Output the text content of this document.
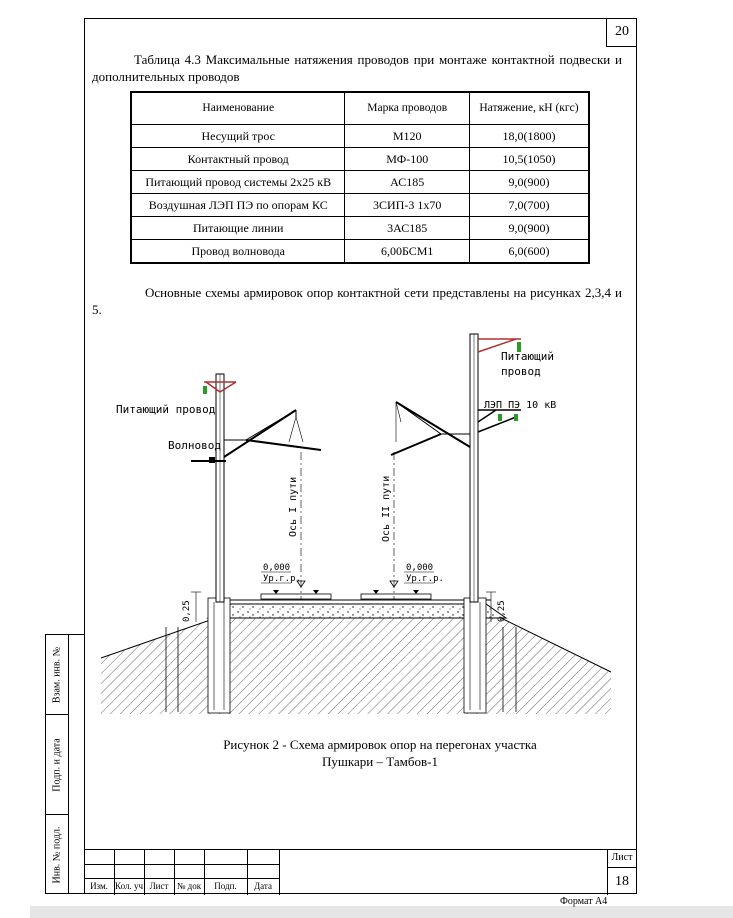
20
Взам. инв. №
Подп. и дата
Инв. № подл.
Таблица 4.3 Максимальные натяжения проводов при монтаже контактной подвески и дополнительных проводов
Наименование	Марка проводов	Натяжение, кН (кгс)
Несущий трос	М120	18,0(1800)
Контактный провод	МФ-100	10,5(1050)
Питающий провод системы 2х25 кВ	АС185	9,0(900)
Воздушная ЛЭП ПЭ по опорам КС	3СИП-3 1х70	7,0(700)
Питающие линии	3АС185	9,0(900)
Провод волновода	6,00БСМ1	6,0(600)
Основные схемы армировок опор контактной сети представлены на рисунках 2,3,4 и 5.
Питающий провод
Волновод
Питающий
провод
ЛЭП ПЭ 10 кВ
Ось I пути	Ось II пути
0,000
Ур.г.р.
0,000
Ур.г.р.
0,25	0,25
Рисунок 2 - Схема армировок опор на перегонах участка
Пушкари – Тамбов-1
Изм. Кол. уч Лист № док	Подп.	Дата
Лист
18
Формат А4
